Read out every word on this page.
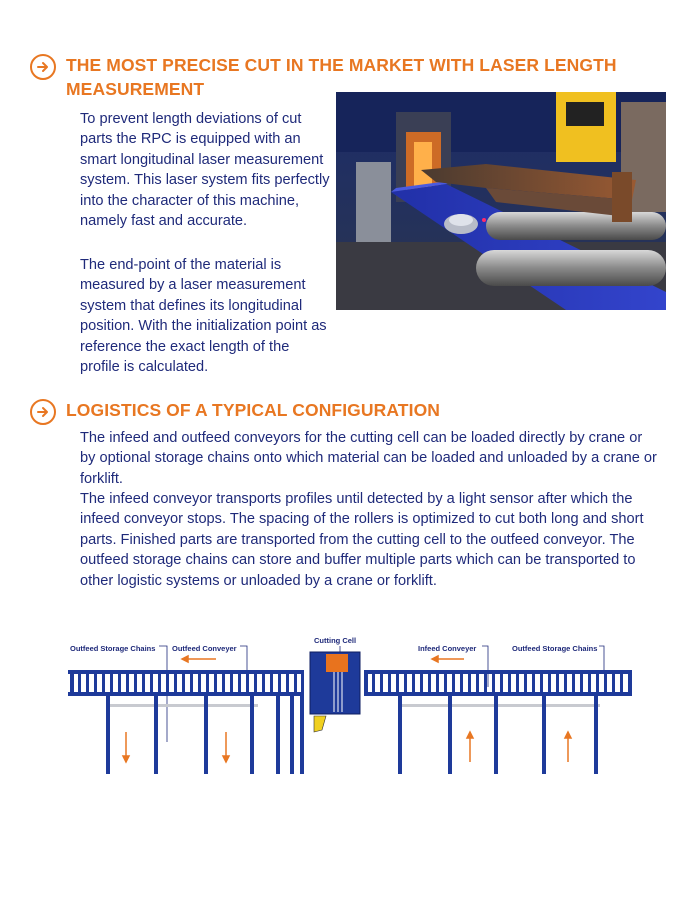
THE MOST PRECISE CUT IN THE MARKET WITH LASER LENGTH
MEASUREMENT

To prevent length deviations of cut parts the RPC is equipped with an smart longitudinal laser measurement system. This laser system fits perfectly into the character of this machine, namely fast and accurate.

The end-point of the material is measured by a laser measurement system that defines its longitudinal position. With the initialization point as reference the exact length of the profile is calculated.

LOGISTICS OF A TYPICAL CONFIGURATION

The infeed and outfeed conveyors for the cutting cell can be loaded directly by crane or by optional storage chains onto which material can be loaded and unloaded by a crane or forklift.

The infeed conveyor transports profiles until detected by a light sensor after which the infeed conveyor stops. The spacing of the rollers is optimized to cut both long and short parts. Finished parts are transported from the cutting cell to the outfeed conveyor. The outfeed storage chains can store and buffer multiple parts which can be transported to other logistic systems or unloaded by a crane or forklift.

Outfeed Storage Chains Outfeed Conveyer
Cutting Cell
Infeed Conveyer	Outfeed Storage Chains
